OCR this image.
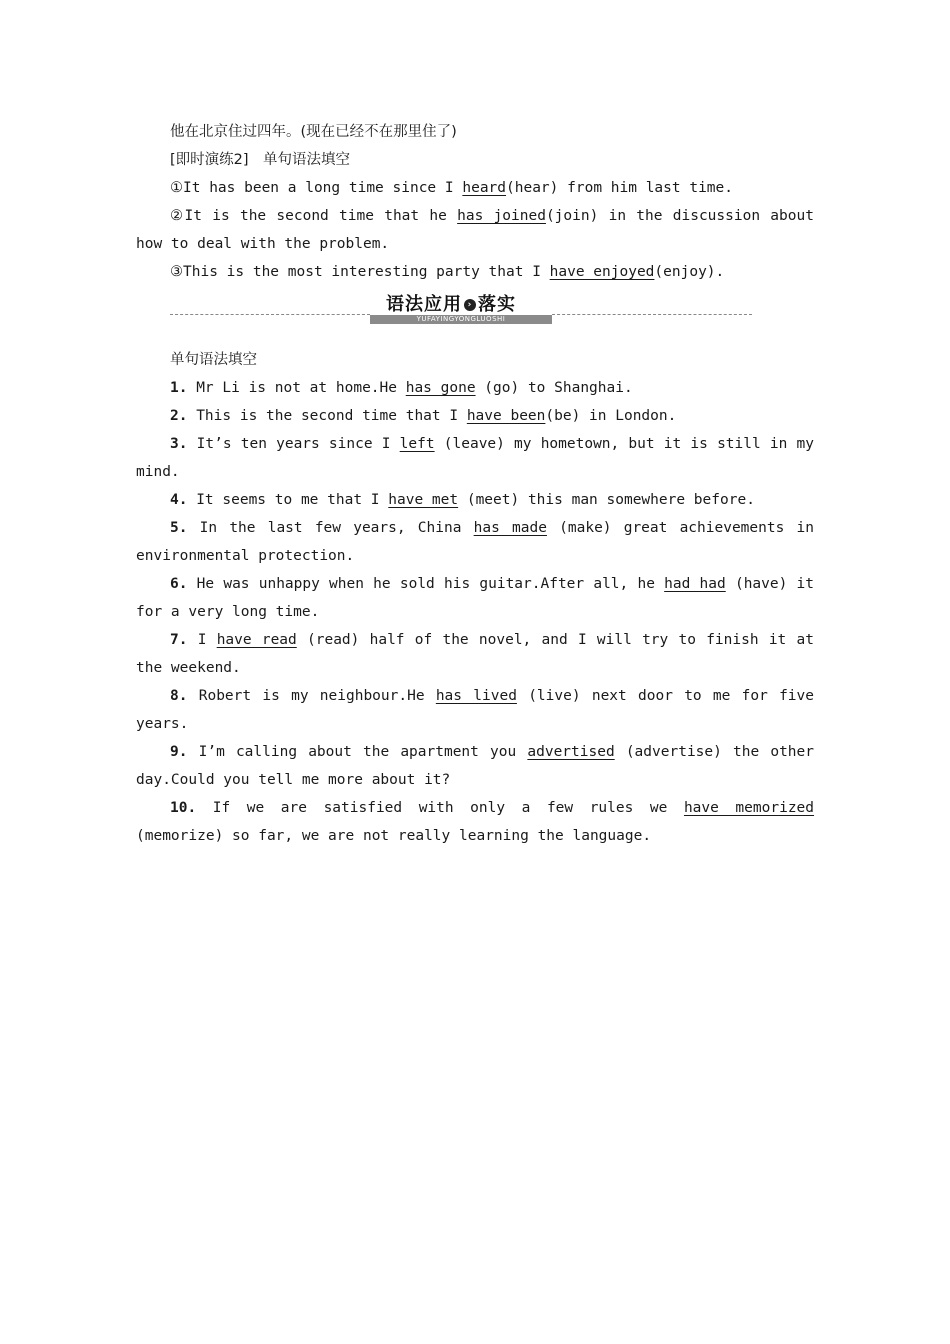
他在北京住过四年。(现在已经不在那里住了)

[即时演练2]　单句语法填空

①It has been a long time since I heard(hear) from him last time.

②It is the second time that he has joined(join) in the discussion about how to deal with the problem.

③This is the most interesting party that I have enjoyed(enjoy).

语法应用 › 落实
YUFAYINGYONGLUOSHI

单句语法填空

1. Mr Li is not at home.He has gone (go) to Shanghai.

2. This is the second time that I have been(be) in London.

3. It’s ten years since I left (leave) my hometown, but it is still in my mind.

4. It seems to me that I have met (meet) this man somewhere before.

5. In the last few years, China has made (make) great achievements in environmental protection.

6. He was unhappy when he sold his guitar.After all, he had had (have) it for a very long time.

7. I have read (read) half of the novel, and I will try to finish it at the weekend.

8. Robert is my neighbour.He has lived (live) next door to me for five years.

9. I’m calling about the apartment you advertised (advertise) the other day.Could you tell me more about it?

10. If we are satisfied with only a few rules we have memorized (memorize) so far, we are not really learning the language.
